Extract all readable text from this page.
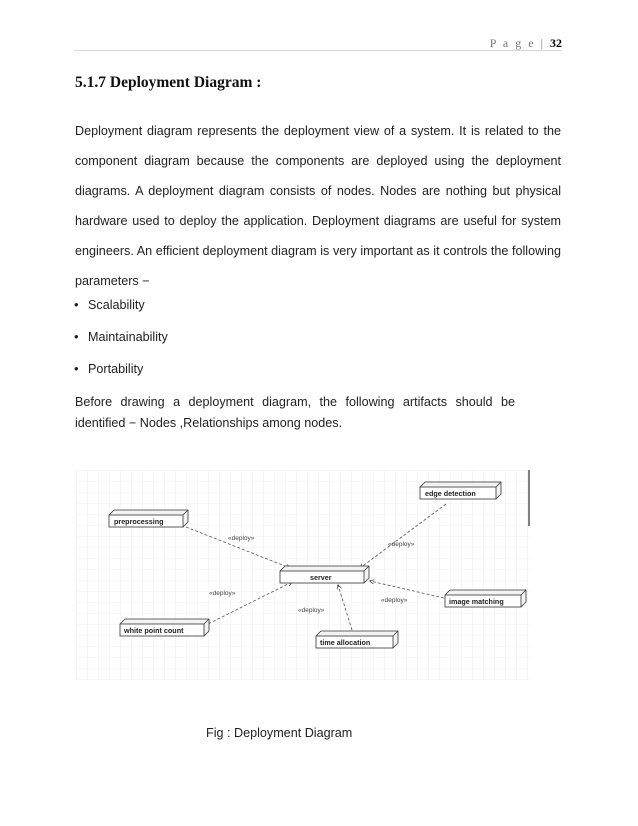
P a g e | 32
5.1.7 Deployment Diagram :
Deployment diagram represents the deployment view of a system. It is related to the component diagram because the components are deployed using the deployment diagrams. A deployment diagram consists of nodes. Nodes are nothing but physical hardware used to deploy the application. Deployment diagrams are useful for system engineers. An efficient deployment diagram is very important as it controls the following parameters −
• Scalability
• Maintainability
• Portability
Before drawing a deployment diagram, the following artifacts should be identified − Nodes ,Relationships among nodes.
«deploy»
«deploy»
«deploy»
«deploy»
«deploy»
edge detection
preprocessing
server
image matching
white point count
time allocation
Fig : Deployment Diagram
